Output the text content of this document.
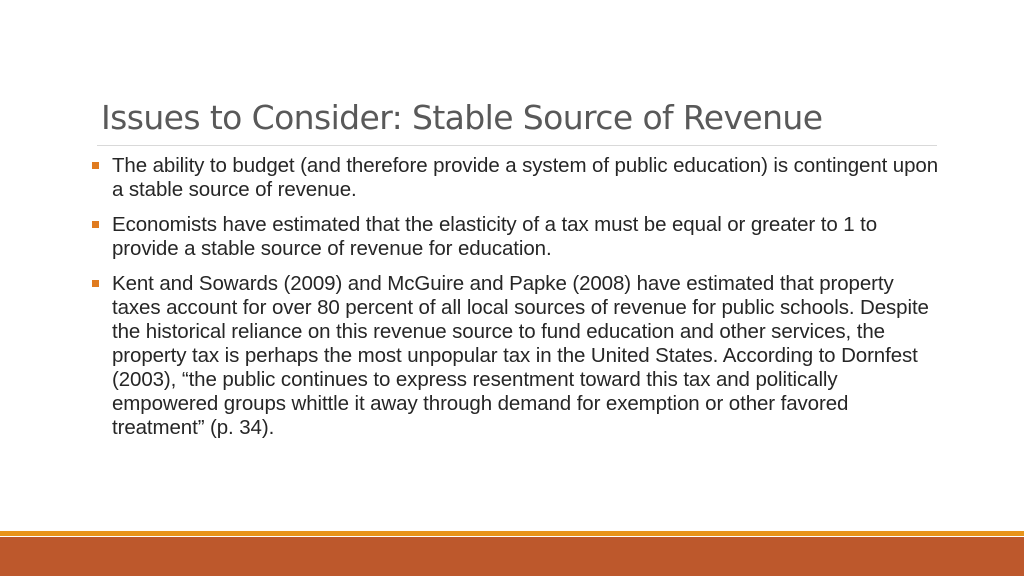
Issues to Consider: Stable Source of Revenue
The ability to budget (and therefore provide a system of public education) is contingent upon a stable source of revenue.
Economists have estimated that the elasticity of a tax must be equal or greater to 1 to provide a stable source of revenue for education.
Kent and Sowards (2009) and McGuire and Papke (2008) have estimated that property taxes account for over 80 percent of all local sources of revenue for public schools. Despite the historical reliance on this revenue source to fund education and other services, the property tax is perhaps the most unpopular tax in the United States. According to Dornfest (2003), “the public continues to express resentment toward this tax and politically empowered groups whittle it away through demand for exemption or other favored treatment” (p. 34).
